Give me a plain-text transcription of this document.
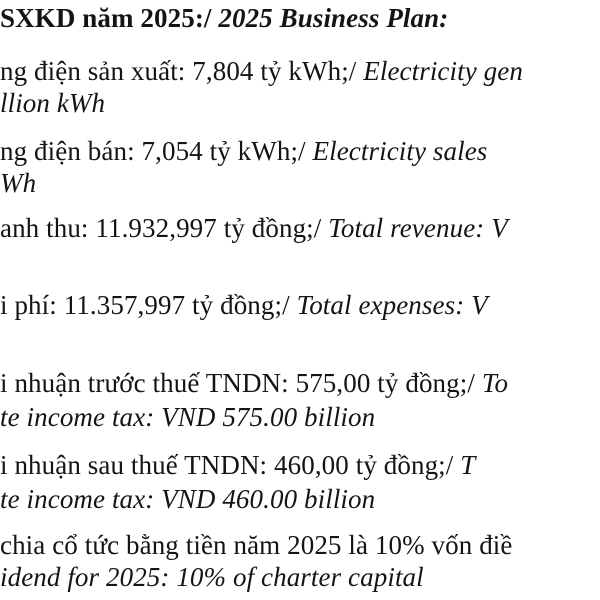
SXKD năm 2025:/ 2025 Business Plan:
ng điện sản xuất: 7,804 tỷ kWh;/ Electricity gen
llion kWh
ng điện bán: 7,054 tỷ kWh;/ Electricity sales
Wh
anh thu: 11.932,997 tỷ đồng;/ Total revenue: V
i phí: 11.357,997 tỷ đồng;/ Total expenses: V
i nhuận trước thuế TNDN: 575,00 tỷ đồng;/ To
te income tax: VND 575.00 billion
i nhuận sau thuế TNDN: 460,00 tỷ đồng;/ T
te income tax: VND 460.00 billion
chia cổ tức bằng tiền năm 2025 là 10% vốn điề
idend for 2025: 10% of charter capital
